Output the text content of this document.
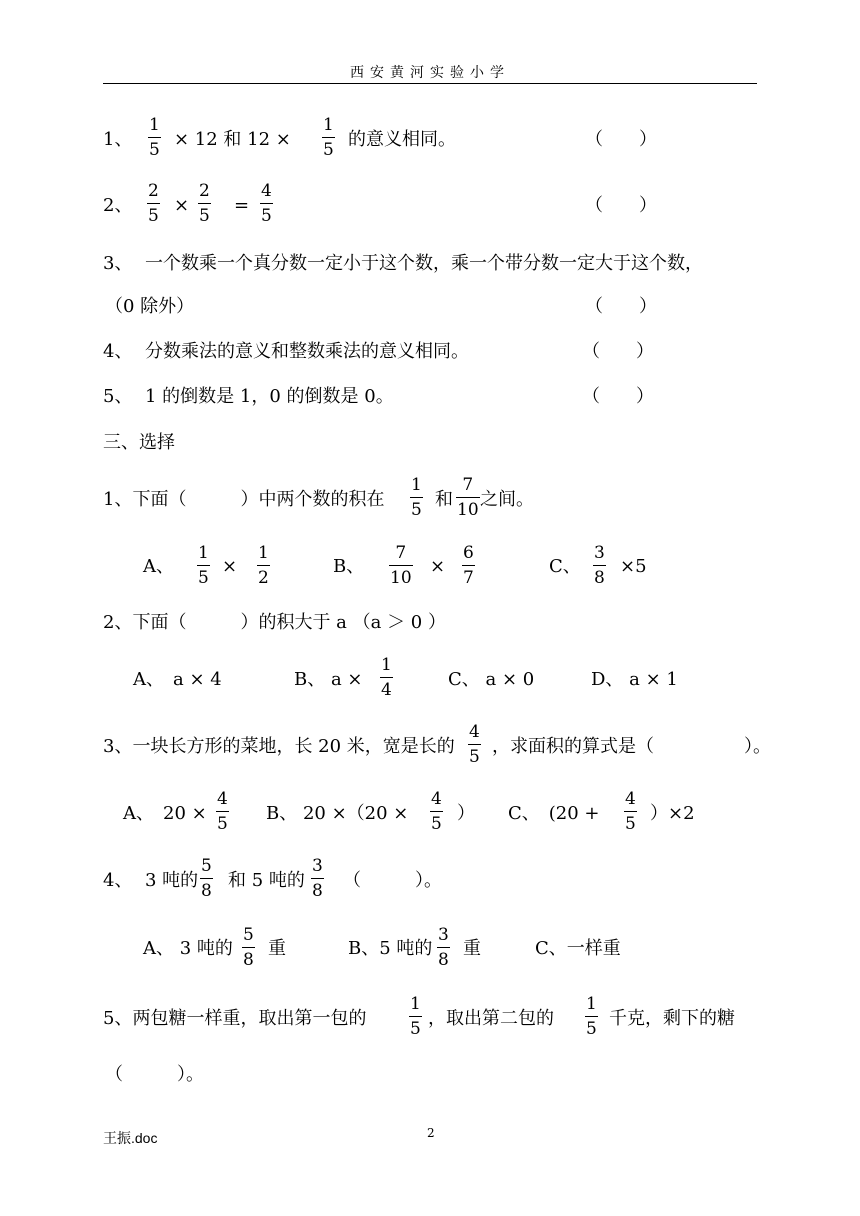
西安黄河实验小学
1、 $\frac{1}{5} \times 12$ 和 $12 \times \frac{1}{5}$ 的意义相同。	（　　）
2、 $\frac{2}{5} \times \frac{2}{5} = \frac{4}{5}$	（　　）
3、 一个数乘一个真分数一定小于这个数，乘一个带分数一定大于这个数，
（0 除外）	（　　）
4、 分数乘法的意义和整数乘法的意义相同。	（　　）
5、 1 的倒数是 1，0 的倒数是 0。	（　　）
三、选择
1、下面（　　　）中两个数的积在 $\frac{1}{5}$ 和 $\frac{7}{10}$ 之间。
A、 $\frac{1}{5} \times \frac{1}{2}$	B、 $\frac{7}{10} \times \frac{6}{7}$	C、 $\frac{3}{8} \times 5$
2、下面（　　　）的积大于 a （a ＞ 0 ）
A、　a × 4	B、 $a \times \frac{1}{4}$	C、 a × 0	D、 a × 1
3、一块长方形的菜地，长 20 米，宽是长的 $\frac{4}{5}$ ，求面积的算式是（　　　　　）。
A、　$20 \times \frac{4}{5}$ B、 $20 \times(20 \times \frac{4}{5}$ ） C、　$(20 + \frac{4}{5} )\times 2$
4、 3 吨的 $\frac{5}{8}$ 和 5 吨的 $\frac{3}{8}$ （　　　）。
A、 3 吨的 $\frac{5}{8}$ 重	B、5 吨的 $\frac{3}{8}$ 重	C、一样重
5、两包糖一样重，取出第一包的	$\frac{1}{5}$ ，取出第二包的 $\frac{1}{5}$ 千克，剩下的糖
（　　　）。
王振.doc	2
